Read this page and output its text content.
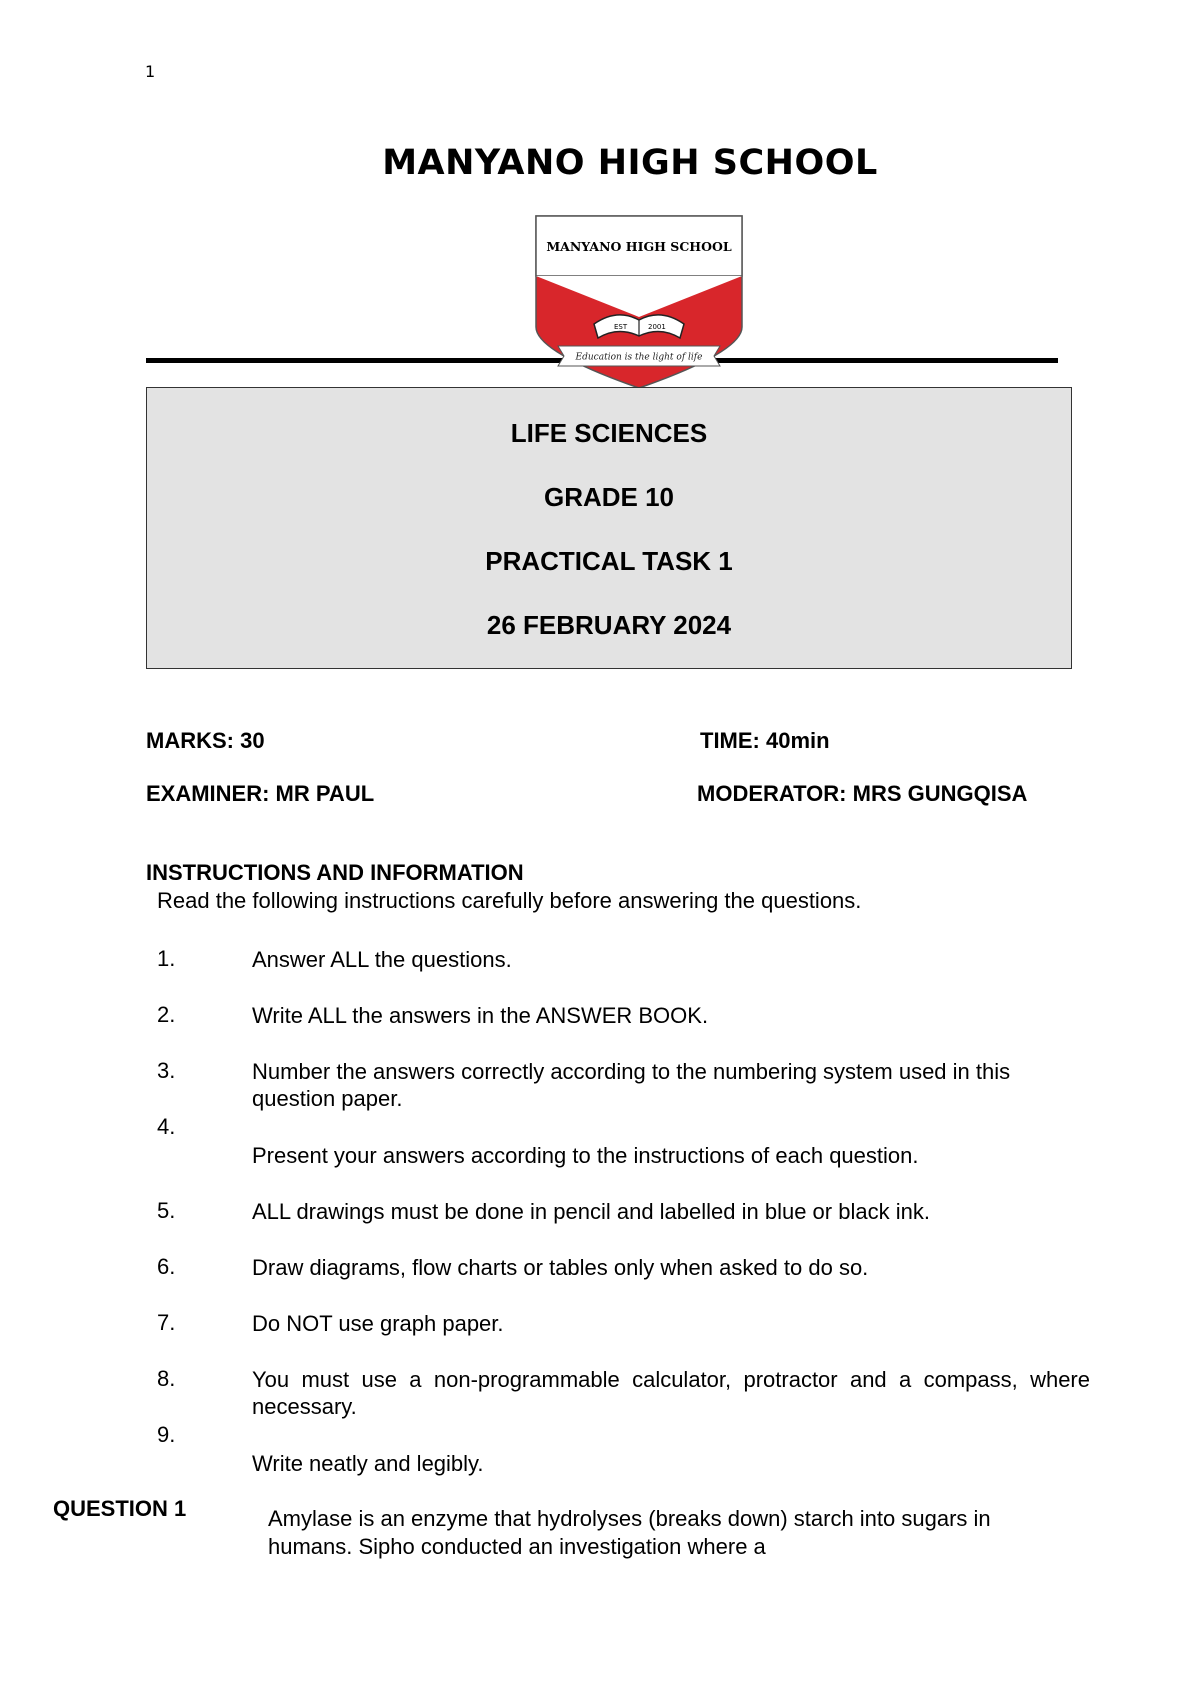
1
MANYANO HIGH SCHOOL
MANYANO HIGH SCHOOL
EST	2001
Education is the light of life
LIFE SCIENCES
GRADE 10
PRACTICAL TASK 1
26 FEBRUARY 2024
MARKS: 30	TIME: 40min
EXAMINER: MR PAUL	MODERATOR: MRS GUNGQISA
INSTRUCTIONS AND INFORMATION
Read the following instructions carefully before answering the questions.
1.	Answer ALL the questions.
2.	Write ALL the answers in the ANSWER BOOK.
3.	Number the answers correctly according to the numbering system used in this question paper.
4.
Present your answers according to the instructions of each question.
5.	ALL drawings must be done in pencil and labelled in blue or black ink.
6.	Draw diagrams, flow charts or tables only when asked to do so.
7.	Do NOT use graph paper.
8.	You must use a non-programmable calculator, protractor and a compass, where necessary.
9.
Write neatly and legibly.
QUESTION 1	Amylase is an enzyme that hydrolyses (breaks down) starch into sugars in humans. Sipho conducted an investigation where a
